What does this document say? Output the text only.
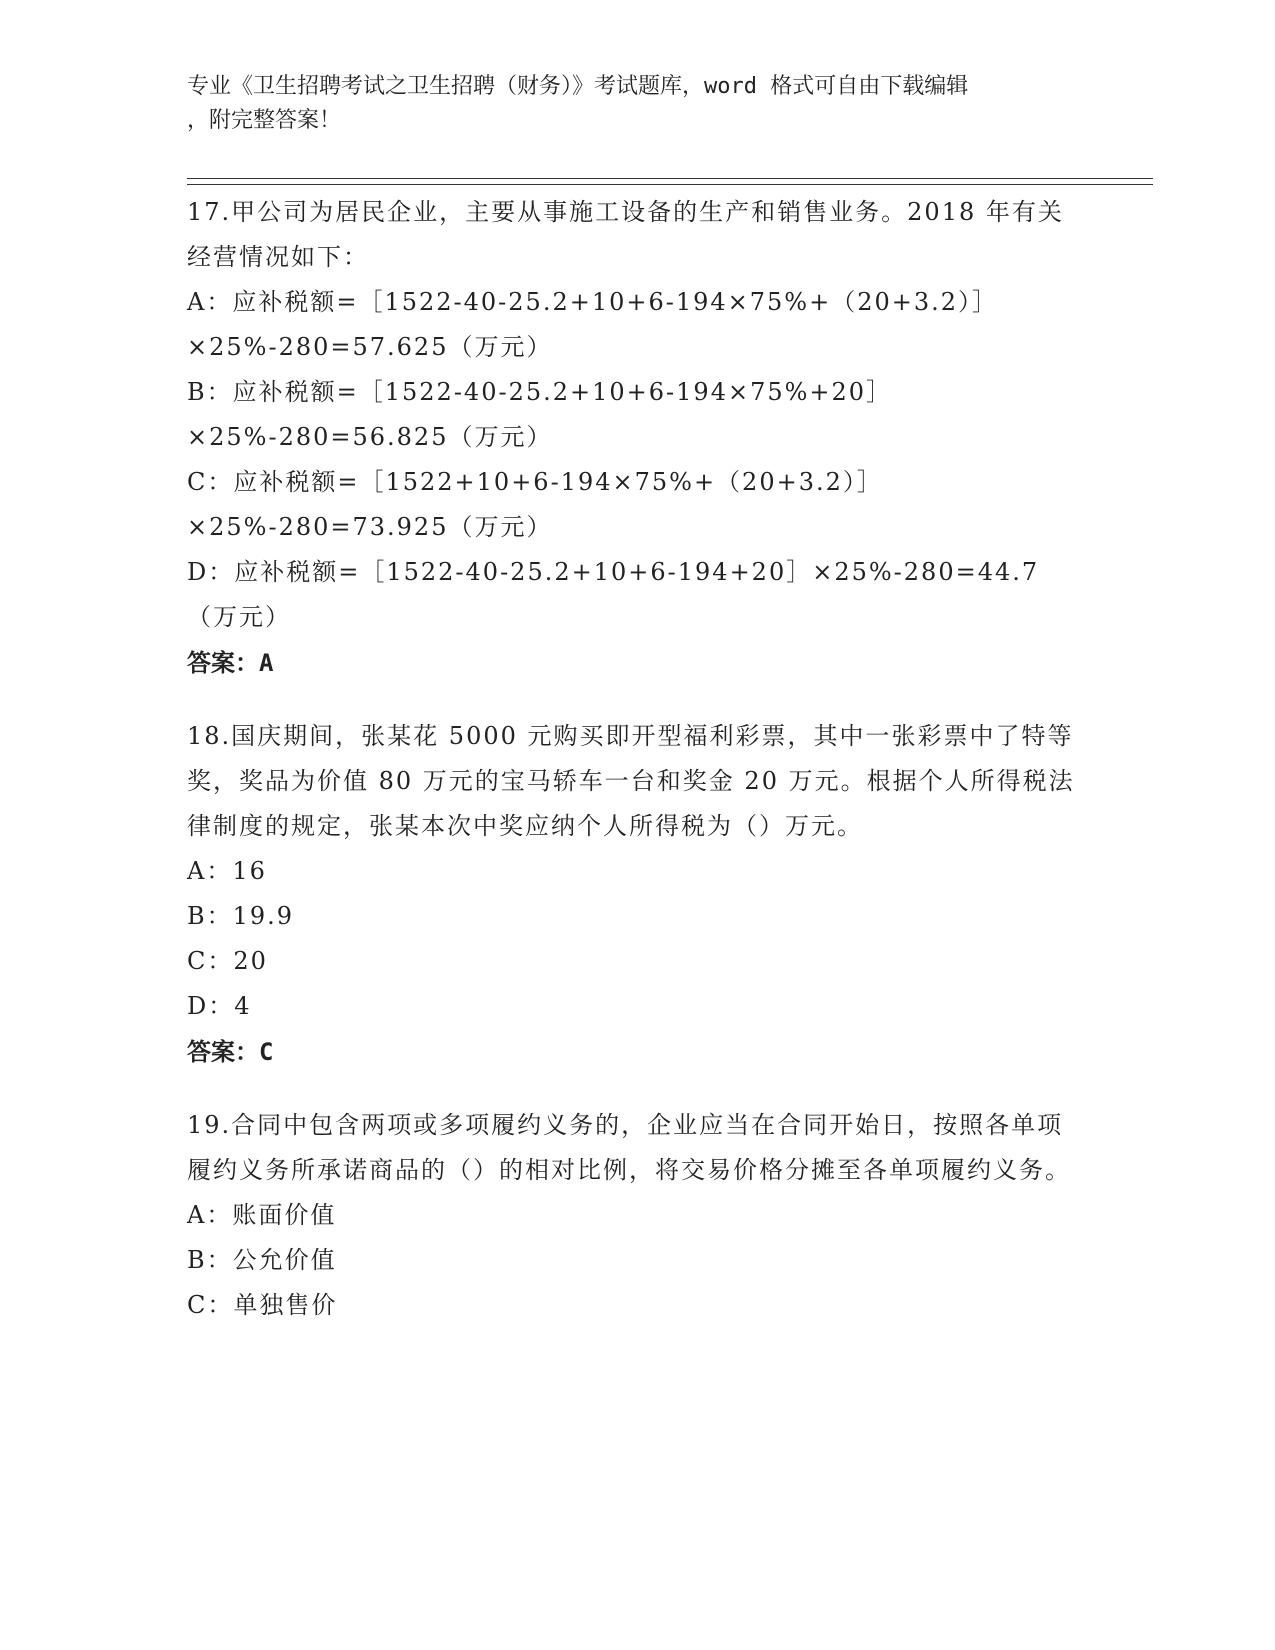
专业《卫生招聘考试之卫生招聘（财务）》考试题库，word 格式可自由下载编辑
，附完整答案！
17.甲公司为居民企业，主要从事施工设备的生产和销售业务。2018 年有关经营情况如下：
A：应补税额=［1522-40-25.2+10+6-194×75%+（20+3.2）］×25%-280=57.625（万元）
B：应补税额=［1522-40-25.2+10+6-194×75%+20］×25%-280=56.825（万元）
C：应补税额=［1522+10+6-194×75%+（20+3.2）］×25%-280=73.925（万元）
D：应补税额=［1522-40-25.2+10+6-194+20］×25%-280=44.7（万元）
答案：A
18.国庆期间，张某花 5000 元购买即开型福利彩票，其中一张彩票中了特等奖，奖品为价值 80 万元的宝马轿车一台和奖金 20 万元。根据个人所得税法律制度的规定，张某本次中奖应纳个人所得税为（）万元。
A：16
B：19.9
C：20
D：4
答案：C
19.合同中包含两项或多项履约义务的，企业应当在合同开始日，按照各单项履约义务所承诺商品的（）的相对比例，将交易价格分摊至各单项履约义务。
A：账面价值
B：公允价值
C：单独售价
